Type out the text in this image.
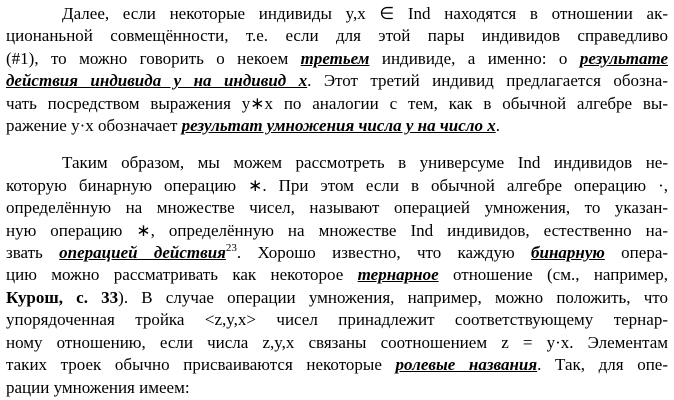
Далее, если некоторые индивиды y,x ∈ Ind находятся в отношении ак-
ционаньной совмещённости, т.е. если для этой пары индивидов справедливо
(#1), то можно говорить о некоем третьем индивиде, а именно: о результате
действия индивида y на индивид x. Этот третий индивид предлагается обозна-
чать посредством выражения y∗x по аналогии с тем, как в обычной алгебре вы-
ражение y·x обозначает результат умножения числа y на число x.
Таким образом, мы можем рассмотреть в универсуме Ind индивидов не-
которую бинарную операцию ∗. При этом если в обычной алгебре операцию ·,
определённую на множестве чисел, называют операцией умножения, то указан-
ную операцию ∗, определённую на множестве Ind индивидов, естественно на-
звать операцией действия$^{23}$. Хорошо известно, что каждую бинарную опера-
цию можно рассматривать как некоторое тернарное отношение (см., например,
Курош, с. 33). В случае операции умножения, например, можно положить, что
упорядоченная тройка <z,y,x> чисел принадлежит соответствующему тернар-
ному отношению, если числа z,y,x связаны соотношением z = y·x. Элементам
таких троек обычно присваиваются некоторые ролевые названия. Так, для опе-
рации умножения имеем:
